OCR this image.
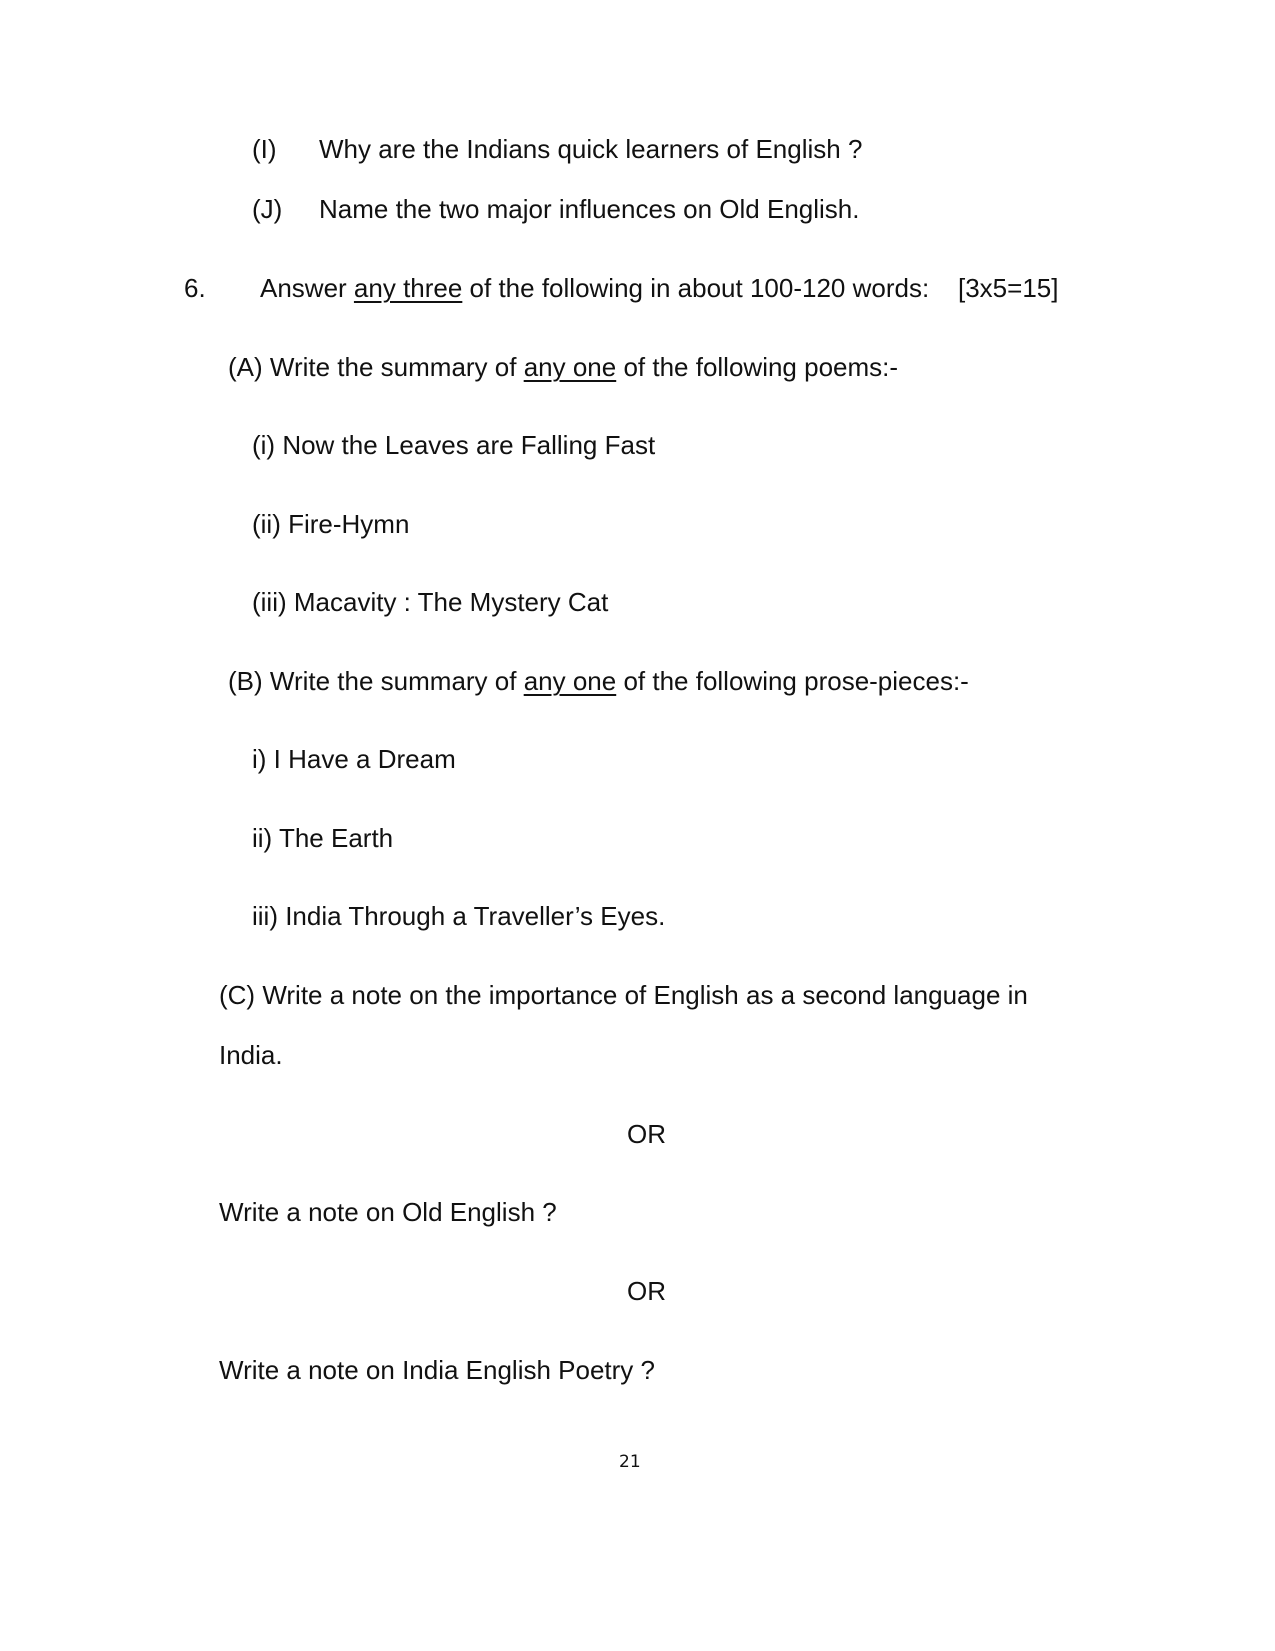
(I) Why are the Indians quick learners of English ?
(J) Name the two major influences on Old English.
6. Answer any three of the following in about 100-120 words: [3x5=15]
(A) Write the summary of any one of the following poems:-
(i) Now the Leaves are Falling Fast
(ii) Fire-Hymn
(iii) Macavity : The Mystery Cat
(B) Write the summary of any one of the following prose-pieces:-
i) I Have a Dream
ii) The Earth
iii) India Through a Traveller’s Eyes.
(C) Write a note on the importance of English as a second language in
India.
OR
Write a note on Old English ?
OR
Write a note on India English Poetry ?
21
